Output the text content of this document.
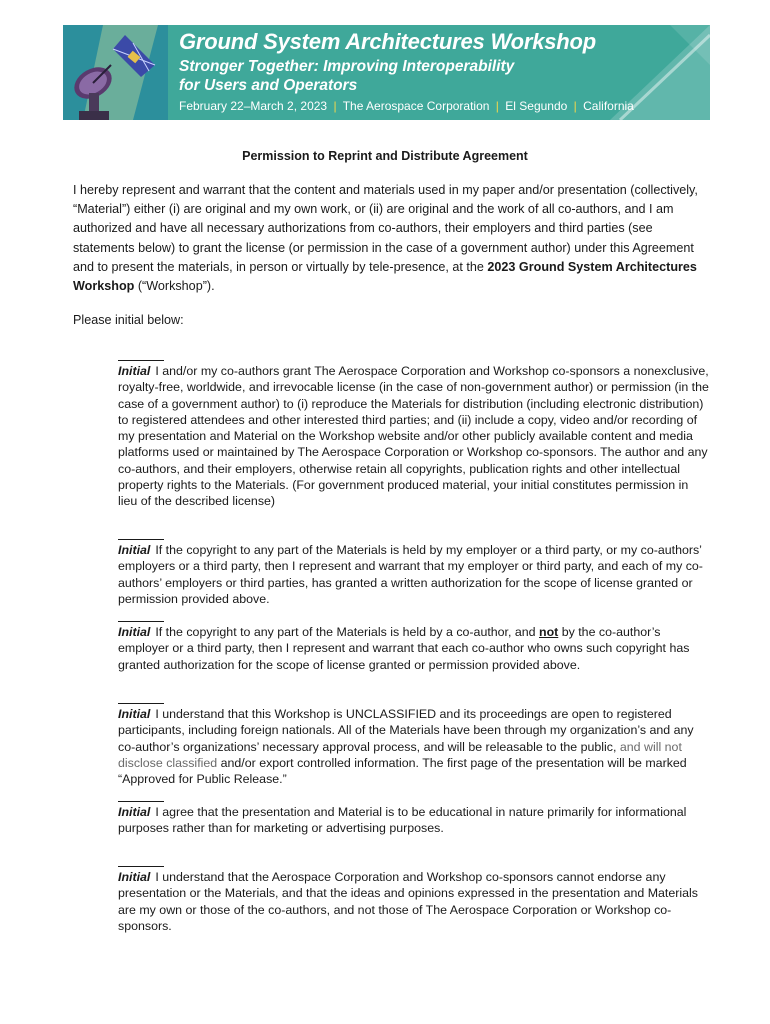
Ground System Architectures Workshop
Stronger Together: Improving Interoperability
for Users and Operators
February 22–March 2, 2023 | The Aerospace Corporation | El Segundo | California
Permission to Reprint and Distribute Agreement

I hereby represent and warrant that the content and materials used in my paper and/or presentation (collectively, “Material”) either (i) are original and my own work, or (ii) are original and the work of all co-authors, and I am authorized and have all necessary authorizations from co-authors, their employers and third parties (see statements below) to grant the license (or permission in the case of a government author) under this Agreement and to present the materials, in person or virtually by tele-presence, at the 2023 Ground System Architectures Workshop (“Workshop”).

Please initial below:

Initial I and/or my co-authors grant The Aerospace Corporation and Workshop co-sponsors a nonexclusive, royalty-free, worldwide, and irrevocable license (in the case of non-government author) or permission (in the case of a government author) to (i) reproduce the Materials for distribution (including electronic distribution) to registered attendees and other interested third parties; and (ii) include a copy, video and/or recording of my presentation and Material on the Workshop website and/or other publicly available content and media platforms used or maintained by The Aerospace Corporation or Workshop co-sponsors. The author and any co-authors, and their employers, otherwise retain all copyrights, publication rights and other intellectual property rights to the Materials. (For government produced material, your initial constitutes permission in lieu of the described license)

Initial If the copyright to any part of the Materials is held by my employer or a third party, or my co-authors’ employers or a third party, then I represent and warrant that my employer or third party, and each of my co-authors’ employers or third parties, has granted a written authorization for the scope of license granted or permission provided above.

Initial If the copyright to any part of the Materials is held by a co-author, and not by the co-author’s employer or a third party, then I represent and warrant that each co-author who owns such copyright has granted authorization for the scope of license granted or permission provided above.

Initial I understand that this Workshop is UNCLASSIFIED and its proceedings are open to registered participants, including foreign nationals. All of the Materials have been through my organization’s and any co-author’s organizations’ necessary approval process, and will be releasable to the public, and will not disclose classified and/or export controlled information. The first page of the presentation will be marked “Approved for Public Release.”

Initial I agree that the presentation and Material is to be educational in nature primarily for informational purposes rather than for marketing or advertising purposes.

Initial I understand that the Aerospace Corporation and Workshop co-sponsors cannot endorse any presentation or the Materials, and that the ideas and opinions expressed in the presentation and Materials are my own or those of the co-authors, and not those of The Aerospace Corporation or Workshop co-sponsors.
